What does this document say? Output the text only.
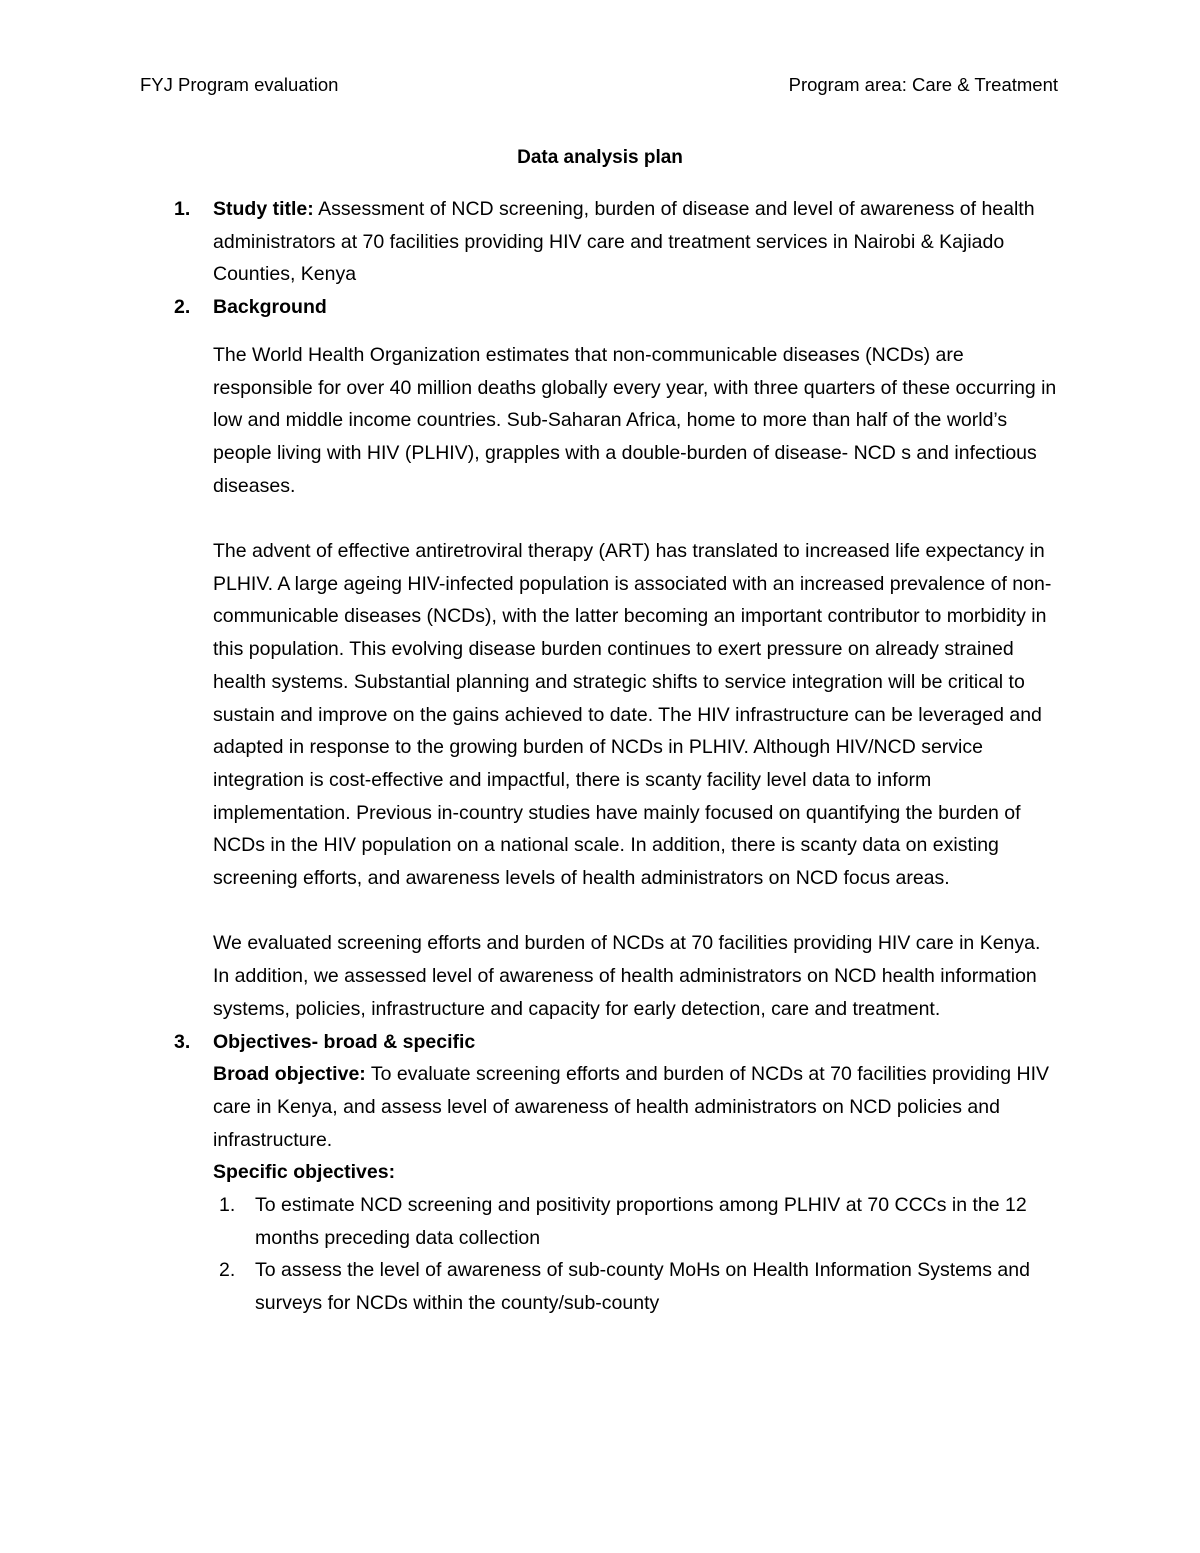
FYJ Program evaluation	Program area: Care & Treatment
Data analysis plan
1. Study title: Assessment of NCD screening, burden of disease and level of awareness of health administrators at 70 facilities providing HIV care and treatment services in Nairobi & Kajiado Counties, Kenya
2. Background
The World Health Organization estimates that non-communicable diseases (NCDs) are responsible for over 40 million deaths globally every year, with three quarters of these occurring in low and middle income countries. Sub-Saharan Africa, home to more than half of the world’s people living with HIV (PLHIV), grapples with a double-burden of disease- NCD s and infectious diseases.
The advent of effective antiretroviral therapy (ART) has translated to increased life expectancy in PLHIV. A large ageing HIV-infected population is associated with an increased prevalence of non-communicable diseases (NCDs), with the latter becoming an important contributor to morbidity in this population. This evolving disease burden continues to exert pressure on already strained health systems. Substantial planning and strategic shifts to service integration will be critical to sustain and improve on the gains achieved to date. The HIV infrastructure can be leveraged and adapted in response to the growing burden of NCDs in PLHIV. Although HIV/NCD service integration is cost-effective and impactful, there is scanty facility level data to inform implementation. Previous in-country studies have mainly focused on quantifying the burden of NCDs in the HIV population on a national scale. In addition, there is scanty data on existing screening efforts, and awareness levels of health administrators on NCD focus areas.
We evaluated screening efforts and burden of NCDs at 70 facilities providing HIV care in Kenya. In addition, we assessed level of awareness of health administrators on NCD health information systems, policies, infrastructure and capacity for early detection, care and treatment.
3. Objectives- broad & specific
Broad objective: To evaluate screening efforts and burden of NCDs at 70 facilities providing HIV care in Kenya, and assess level of awareness of health administrators on NCD policies and infrastructure.
Specific objectives:
1. To estimate NCD screening and positivity proportions among PLHIV at 70 CCCs in the 12 months preceding data collection
2. To assess the level of awareness of sub-county MoHs on Health Information Systems and surveys for NCDs within the county/sub-county
